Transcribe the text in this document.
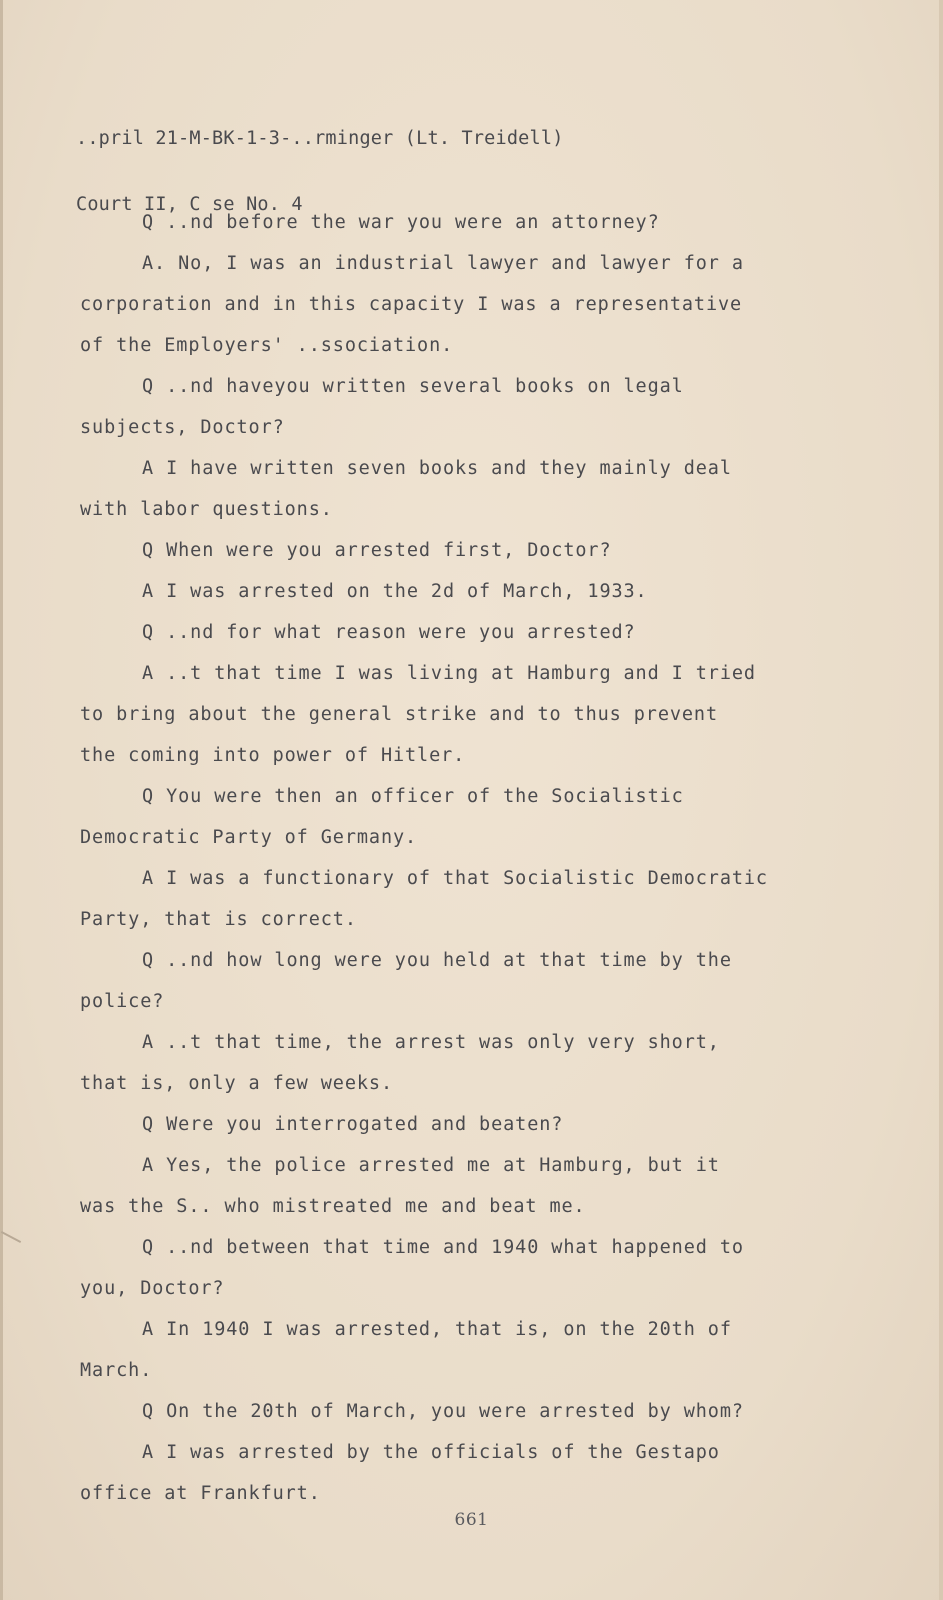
..pril 21-M-BK-1-3-..rminger (Lt. Treidell)

Court II, C se No. 4

Q ..nd before the war you were an attorney?
A. No, I was an industrial lawyer and lawyer for a
corporation and in this capacity I was a representative
of the Employers' ..ssociation.
Q ..nd haveyou written several books on legal
subjects, Doctor?
A I have written seven books and they mainly deal
with labor questions.
Q When were you arrested first, Doctor?
A I was arrested on the 2d of March, 1933.
Q ..nd for what reason were you arrested?
A ..t that time I was living at Hamburg and I tried
to bring about the general strike and to thus prevent
the coming into power of Hitler.
Q You were then an officer of the Socialistic
Democratic Party of Germany.
A I was a functionary of that Socialistic Democratic
Party, that is correct.
Q ..nd how long were you held at that time by the
police?
A ..t that time, the arrest was only very short,
that is, only a few weeks.
Q Were you interrogated and beaten?
A Yes, the police arrested me at Hamburg, but it
was the S.. who mistreated me and beat me.
Q ..nd between that time and 1940 what happened to
you, Doctor?
A In 1940 I was arrested, that is, on the 20th of
March.
Q On the 20th of March, you were arrested by whom?
A I was arrested by the officials of the Gestapo
office at Frankfurt.
661
